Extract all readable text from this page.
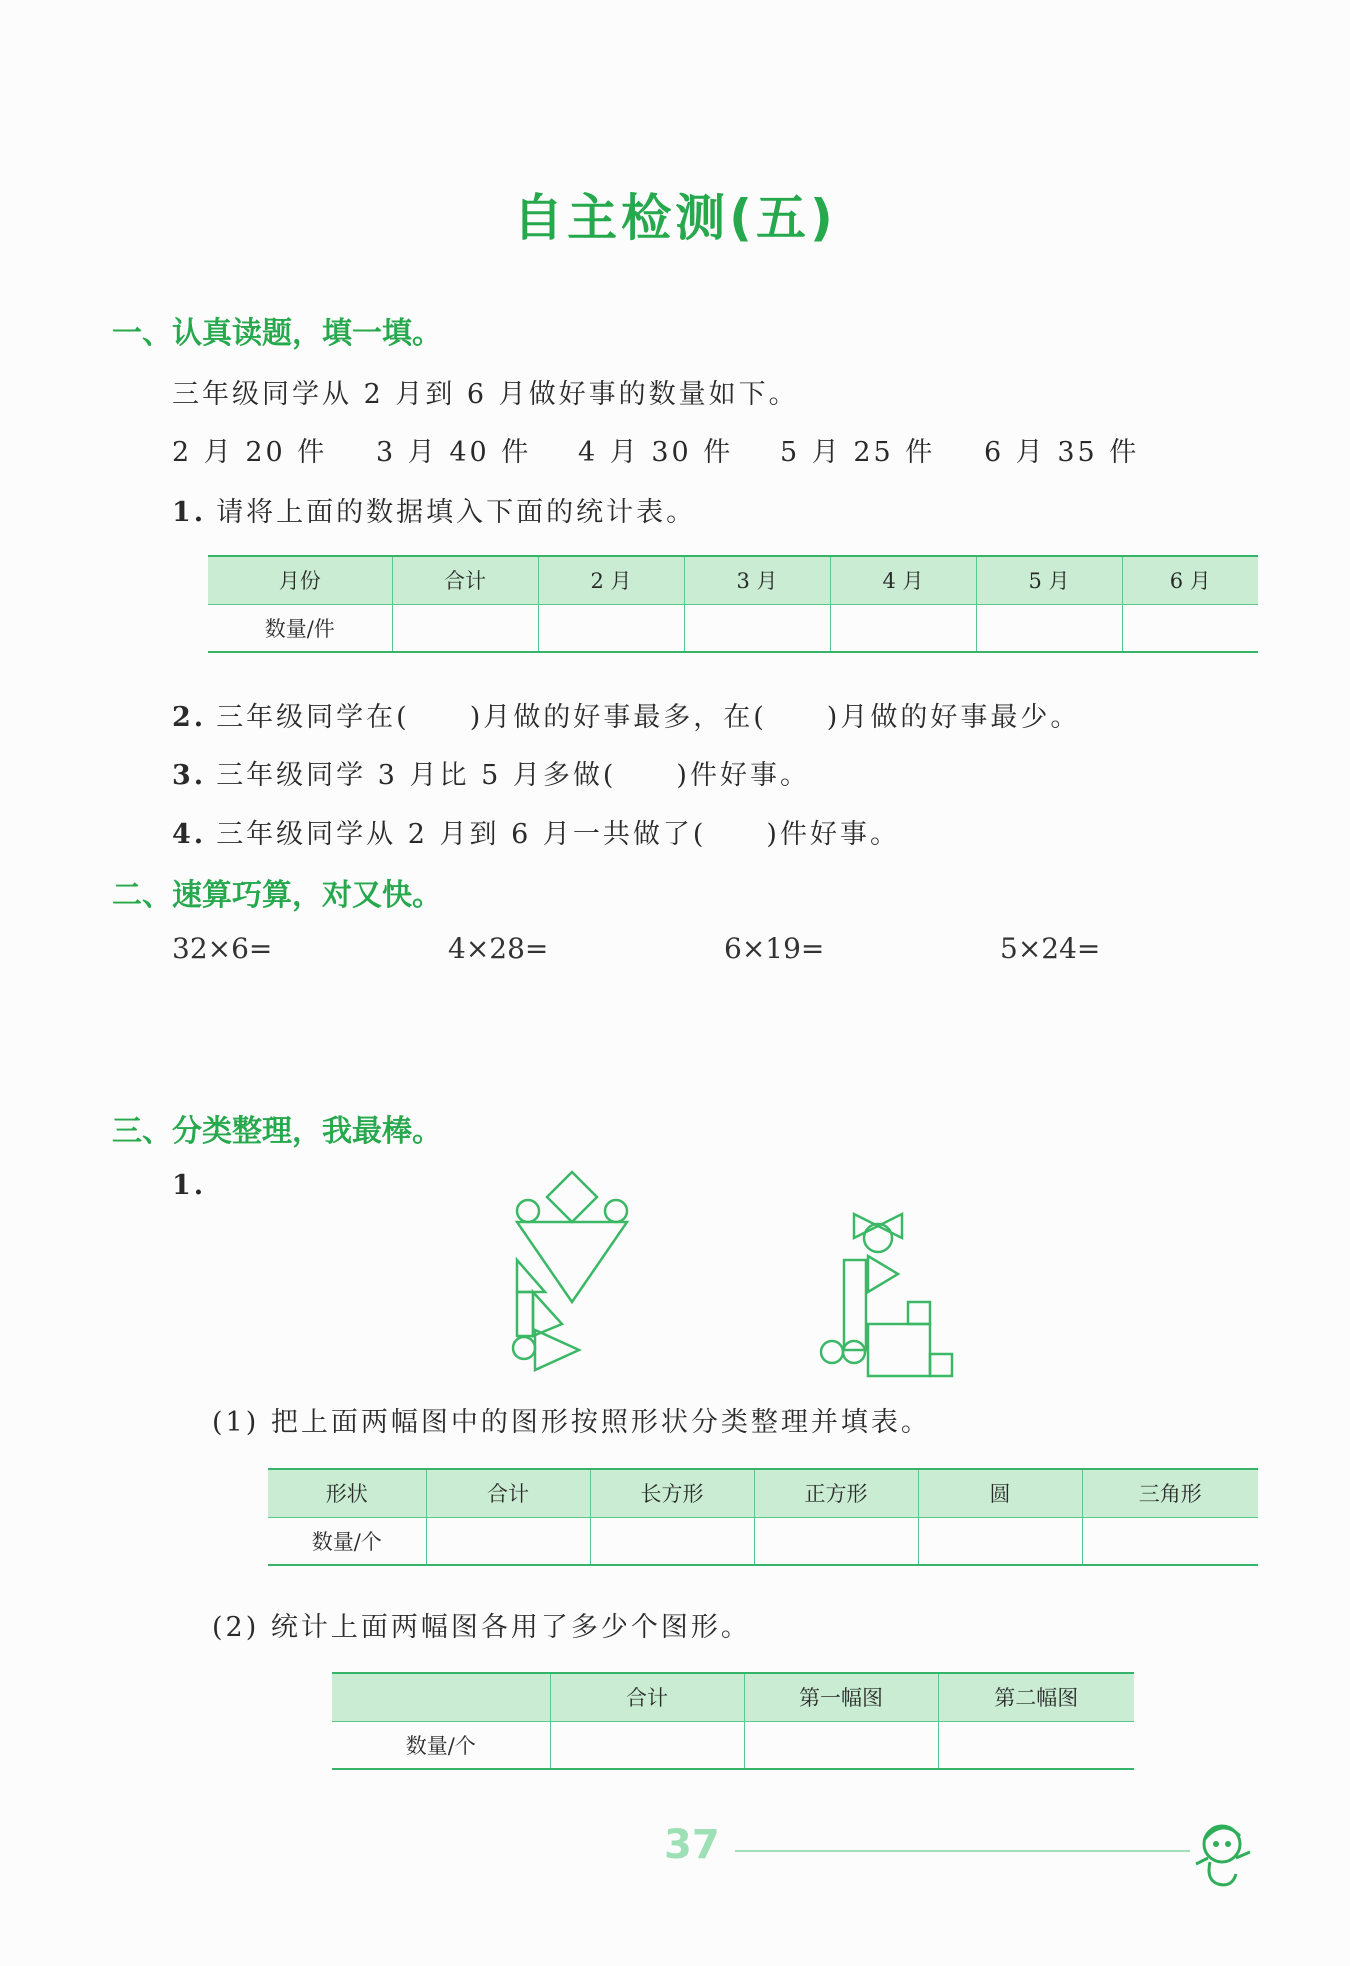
自主检测(五)
一、认真读题，填一填。
三年级同学从 2 月到 6 月做好事的数量如下。
2 月 20 件 3 月 40 件 4 月 30 件 5 月 25 件 6 月 35 件
1. 请将上面的数据填入下面的统计表。
月份	合计	2 月	3 月	4 月	5 月	6 月
数量/件						
2. 三年级同学在(　　)月做的好事最多，在(　　)月做的好事最少。
3. 三年级同学 3 月比 5 月多做(　　)件好事。
4. 三年级同学从 2 月到 6 月一共做了(　　)件好事。
二、速算巧算，对又快。
32×6=	4×28=	6×19=	5×24=
三、分类整理，我最棒。
1.
(1) 把上面两幅图中的图形按照形状分类整理并填表。
形状	合计	长方形	正方形	圆	三角形
数量/个					
(2) 统计上面两幅图各用了多少个图形。
	合计	第一幅图	第二幅图
数量/个			
37
